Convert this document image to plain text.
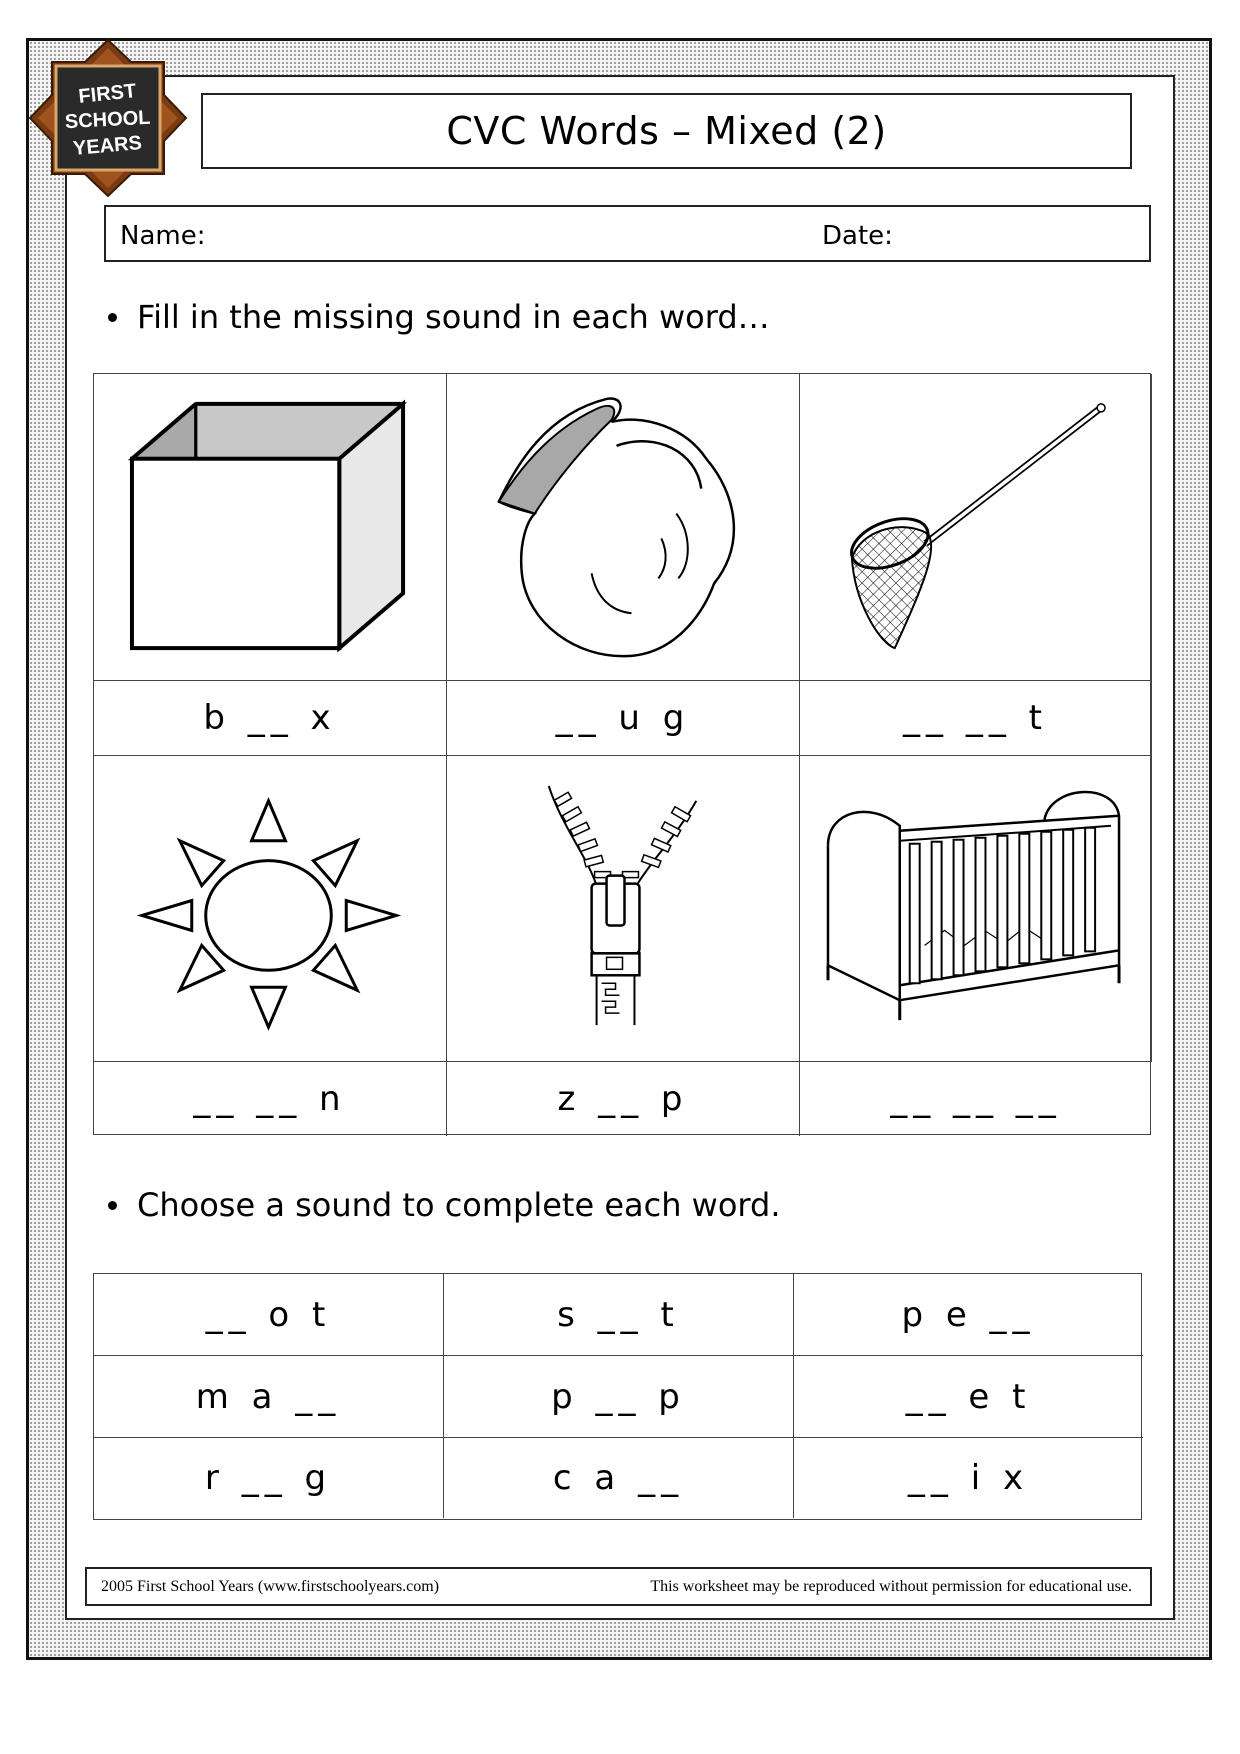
FIRST
SCHOOL
YEARS	CVC Words – Mixed (2)
Name:	Date:
Fill in the missing sound in each word…
b __ x	__ u g	__ __ t
__ __ n	z __ p	__ __ __
Choose a sound to complete each word.
__ o t	s __ t	p e __
m a __	p __ p	__ e t
r __ g	c a __	__ i x
2005 First School Years (www.firstschoolyears.com)	This worksheet may be reproduced without permission for educational use.
